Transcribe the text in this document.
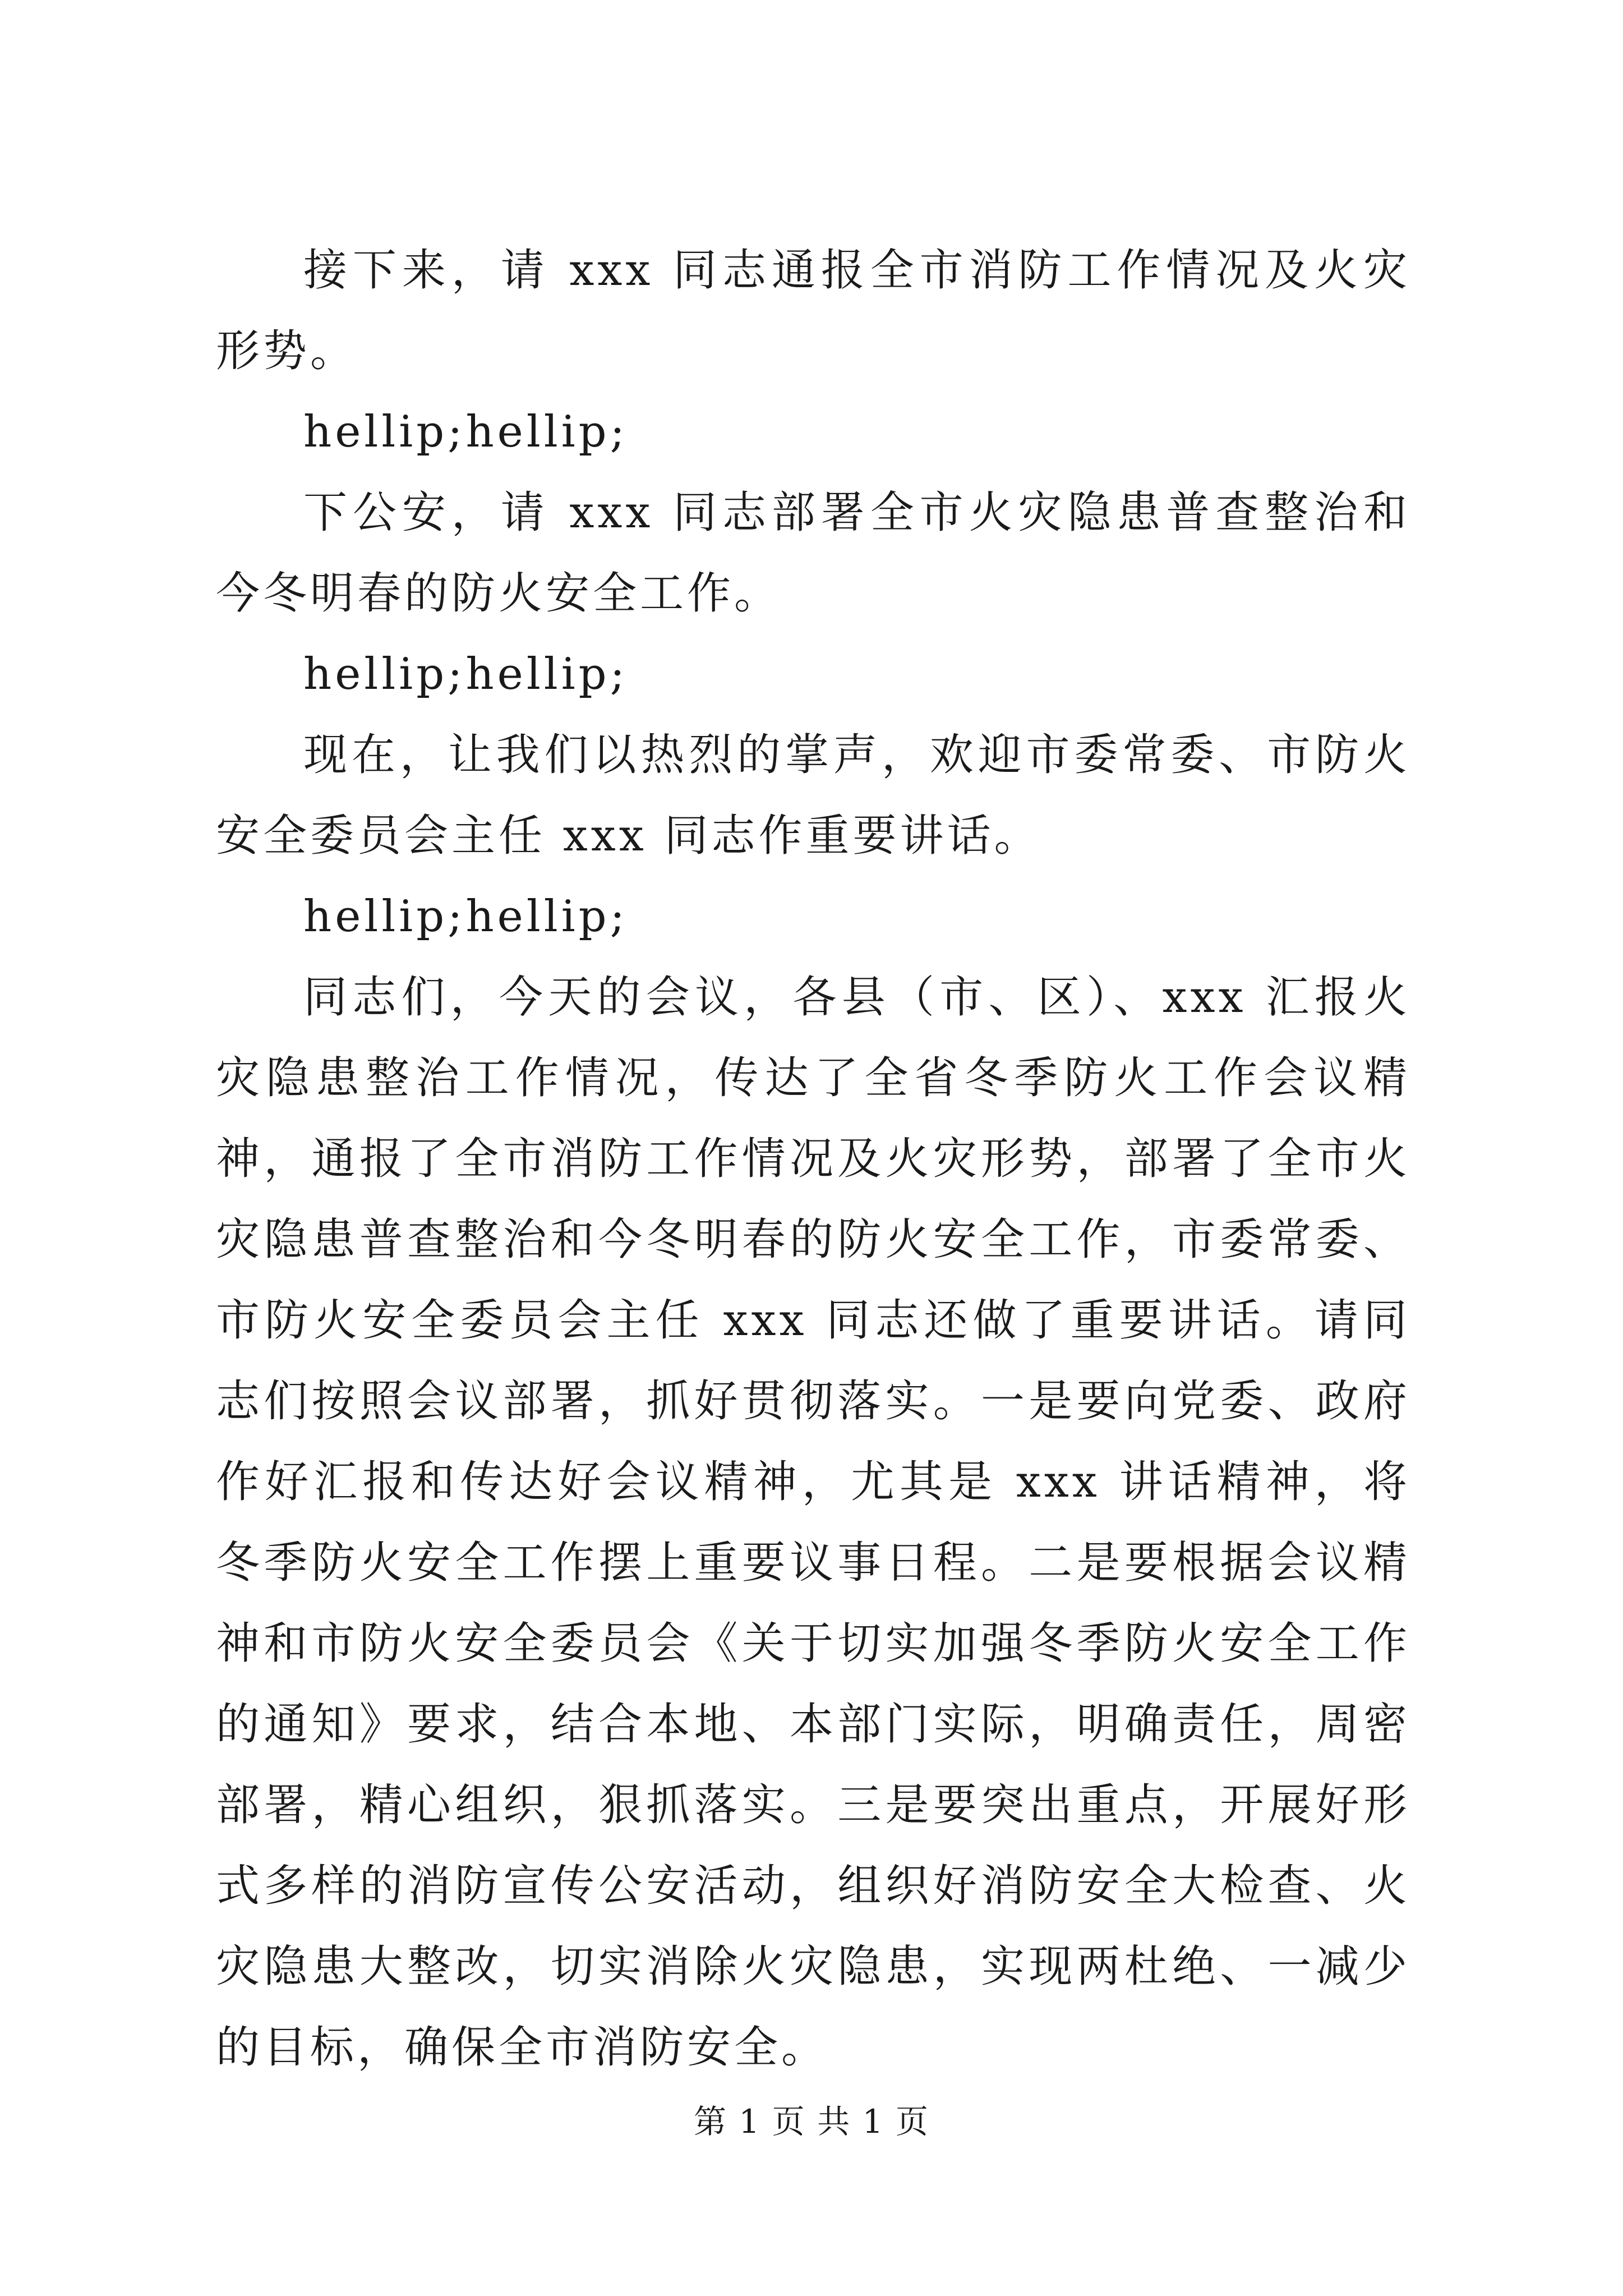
接下来，请 xxx 同志通报全市消防工作情况及火灾形势。

hellip;hellip;

下公安，请 xxx 同志部署全市火灾隐患普查整治和今冬明春的防火安全工作。

hellip;hellip;

现在，让我们以热烈的掌声，欢迎市委常委、市防火安全委员会主任 xxx 同志作重要讲话。

hellip;hellip;

同志们，今天的会议，各县（市、区）、xxx 汇报火灾隐患整治工作情况，传达了全省冬季防火工作会议精神，通报了全市消防工作情况及火灾形势，部署了全市火灾隐患普查整治和今冬明春的防火安全工作，市委常委、市防火安全委员会主任 xxx 同志还做了重要讲话。请同志们按照会议部署，抓好贯彻落实。一是要向党委、政府作好汇报和传达好会议精神，尤其是 xxx 讲话精神，将冬季防火安全工作摆上重要议事日程。二是要根据会议精神和市防火安全委员会《关于切实加强冬季防火安全工作的通知》要求，结合本地、本部门实际，明确责任，周密部署，精心组织，狠抓落实。三是要突出重点，开展好形式多样的消防宣传公安活动，组织好消防安全大检查、火灾隐患大整改，切实消除火灾隐患，实现两杜绝、一减少的目标，确保全市消防安全。

第 1 页 共 1 页
